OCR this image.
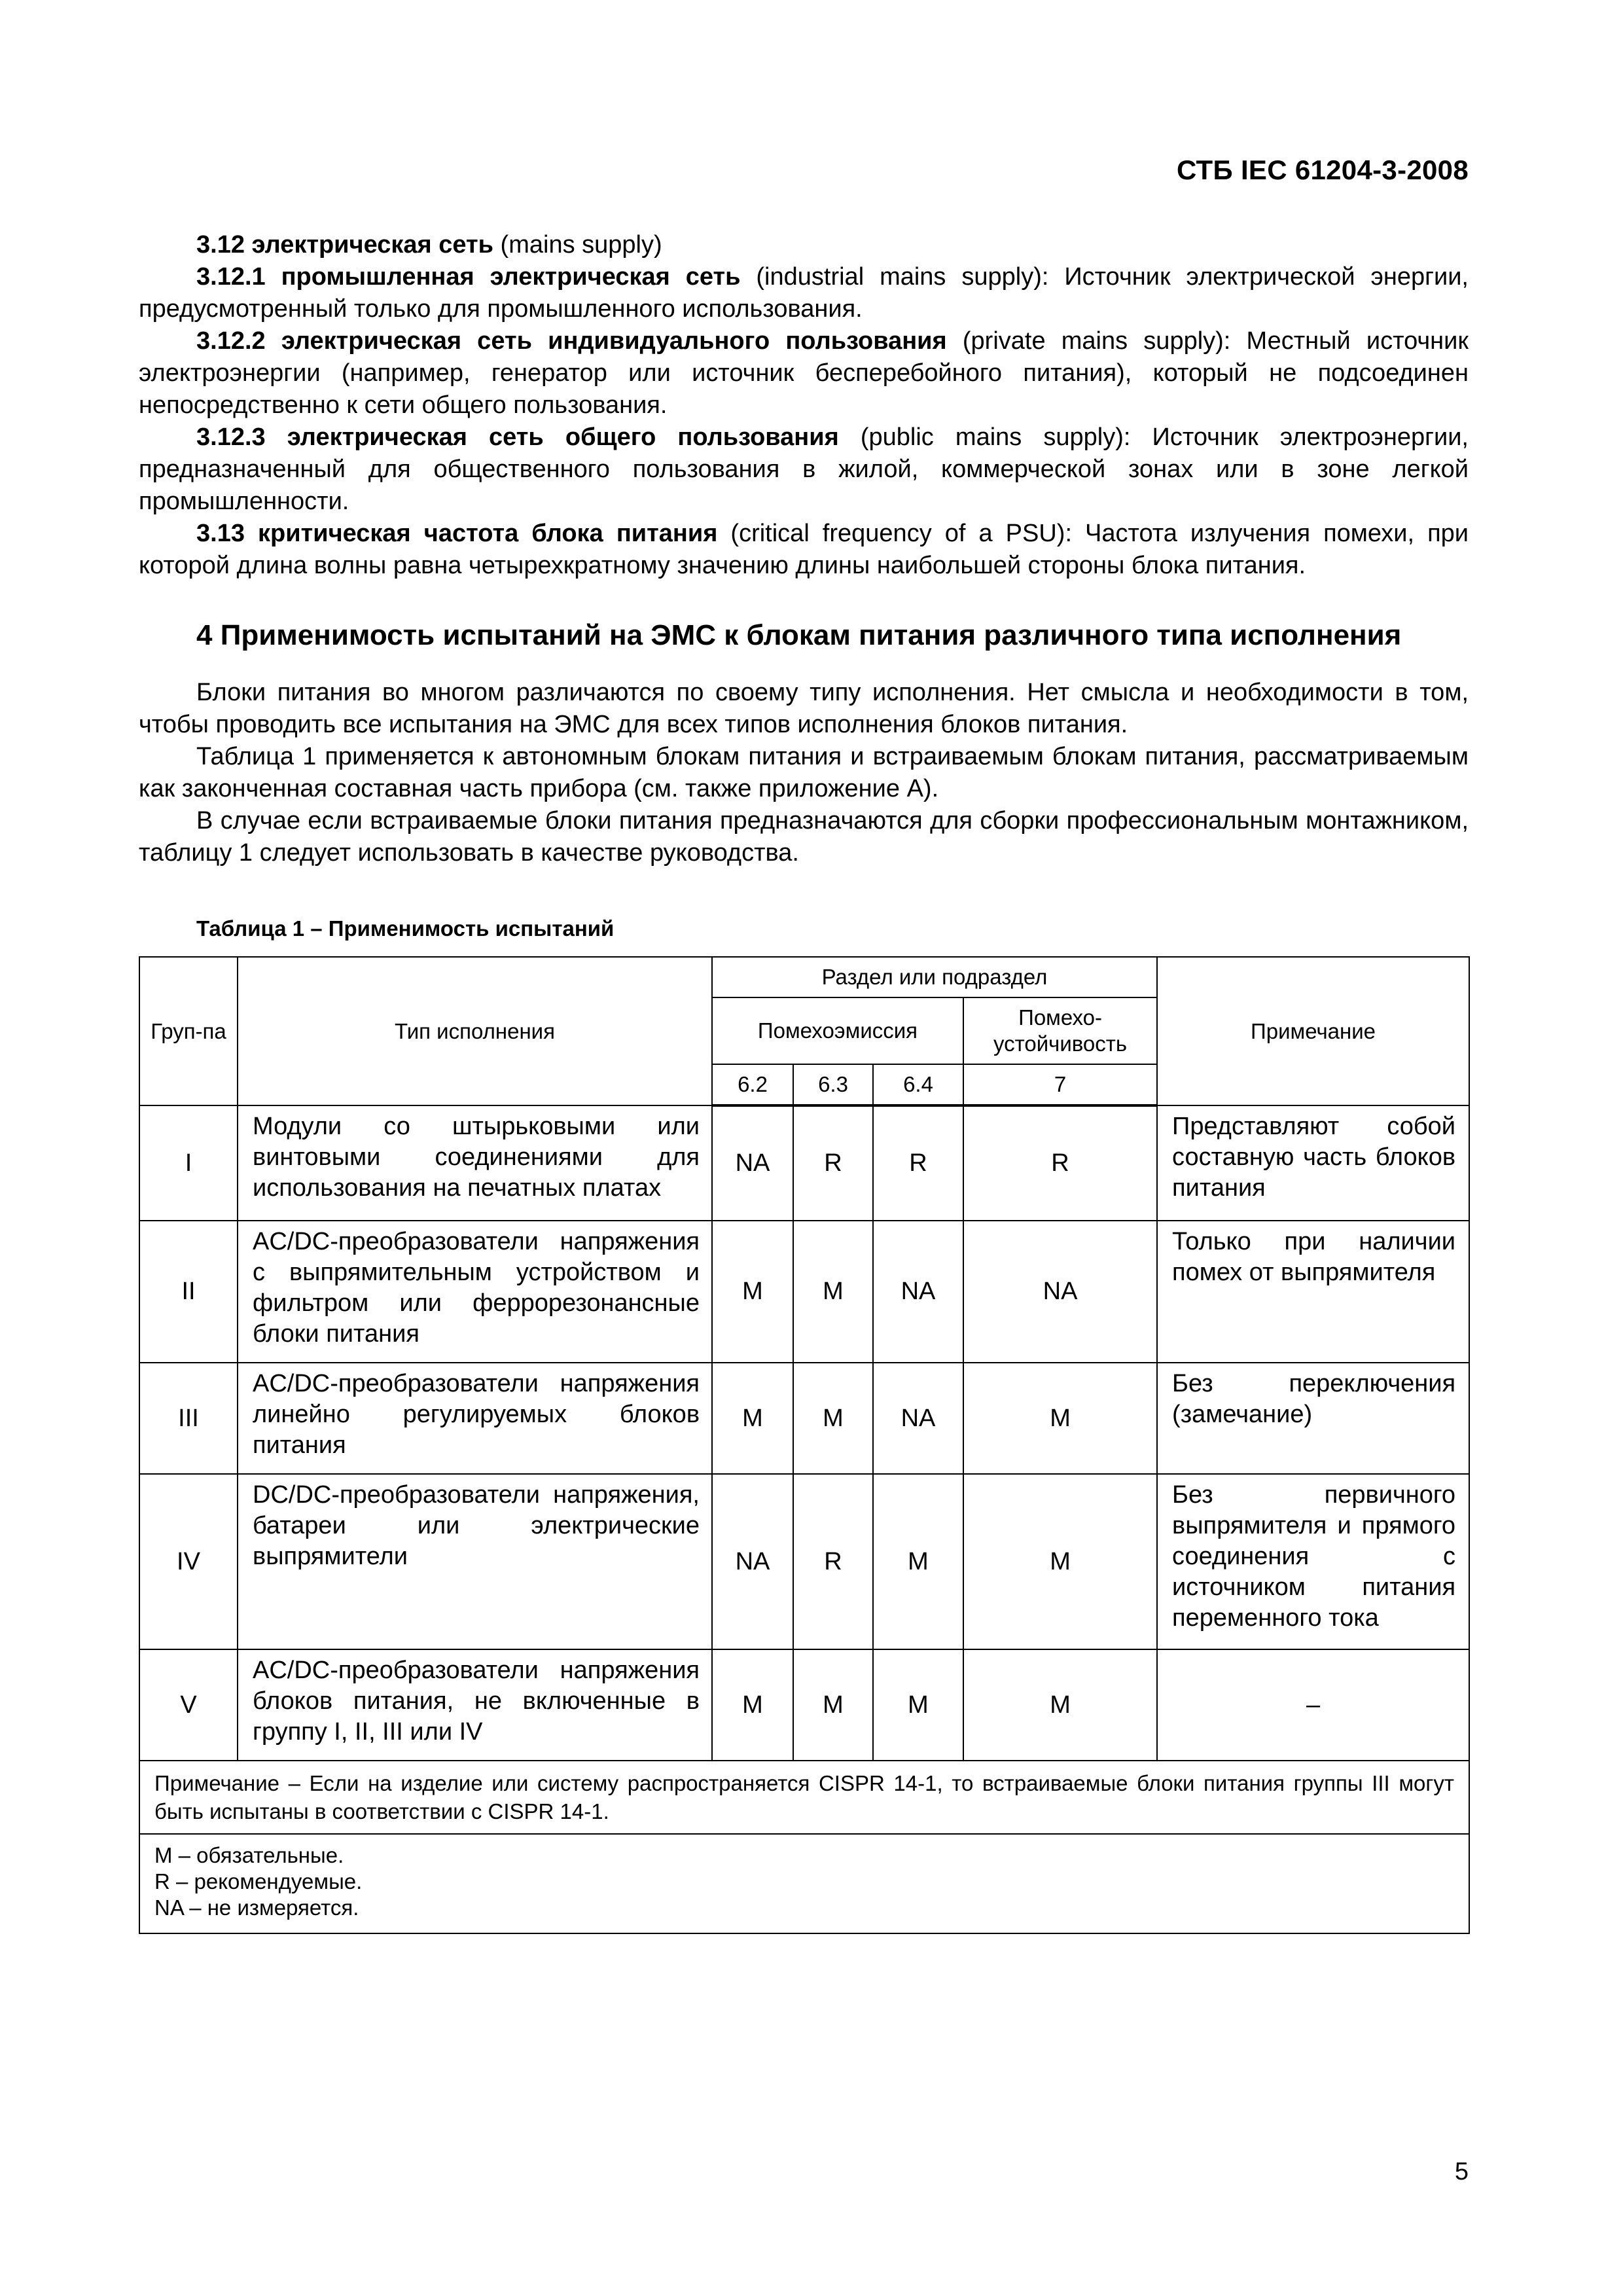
СТБ IEC 61204-3-2008

3.12 электрическая сеть (mains supply)

3.12.1 промышленная электрическая сеть (industrial mains supply): Источник электрической энергии, предусмотренный только для промышленного использования.

3.12.2 электрическая сеть индивидуального пользования (private mains supply): Местный источник электроэнергии (например, генератор или источник бесперебойного питания), который не подсоединен непосредственно к сети общего пользования.

3.12.3 электрическая сеть общего пользования (public mains supply): Источник электроэнергии, предназначенный для общественного пользования в жилой, коммерческой зонах или в зоне легкой промышленности.

3.13 критическая частота блока питания (critical frequency of a PSU): Частота излучения помехи, при которой длина волны равна четырехкратному значению длины наибольшей стороны блока питания.

4 Применимость испытаний на ЭМС к блокам питания различного типа исполнения

Блоки питания во многом различаются по своему типу исполнения. Нет смысла и необходимости в том, чтобы проводить все испытания на ЭМС для всех типов исполнения блоков питания.

Таблица 1 применяется к автономным блокам питания и встраиваемым блокам питания, рассматриваемым как законченная составная часть прибора (см. также приложение А).

В случае если встраиваемые блоки питания предназначаются для сборки профессиональным монтажником, таблицу 1 следует использовать в качестве руководства.

Таблица 1 – Применимость испытаний
Груп-па	Тип исполнения	Раздел или подраздел				Примечание
		Помехоэмиссия			Помехо-устойчивость	
		6.2	6.3	6.4	7	
I	Модули со штырьковыми или винтовыми соединениями для использования на печатных платах	NA	R	R	R	Представляют собой составную часть блоков питания
II	AC/DC-преобразователи напряжения с выпрямительным устройством и фильтром или феррорезонансные блоки питания	M	M	NA	NA	Только при наличии помех от выпрямителя
III	AC/DC-преобразователи напряжения линейно регулируемых блоков питания	M	M	NA	M	Без переключения (замечание)
IV	DC/DC-преобразователи напряжения, батареи или электрические выпрямители	NA	R	M	M	Без первичного выпрямителя и прямого соединения с источником питания переменного тока
V	AC/DC-преобразователи напряжения блоков питания, не включенные в группу I, II, III или IV	M	M	M	M	–
Примечание – Если на изделие или систему распространяется CISPR 14-1, то встраиваемые блоки питания группы III могут быть испытаны в соответствии с CISPR 14-1.						

М – обязательные.
R – рекомендуемые.
NA – не измеряется.						
5
